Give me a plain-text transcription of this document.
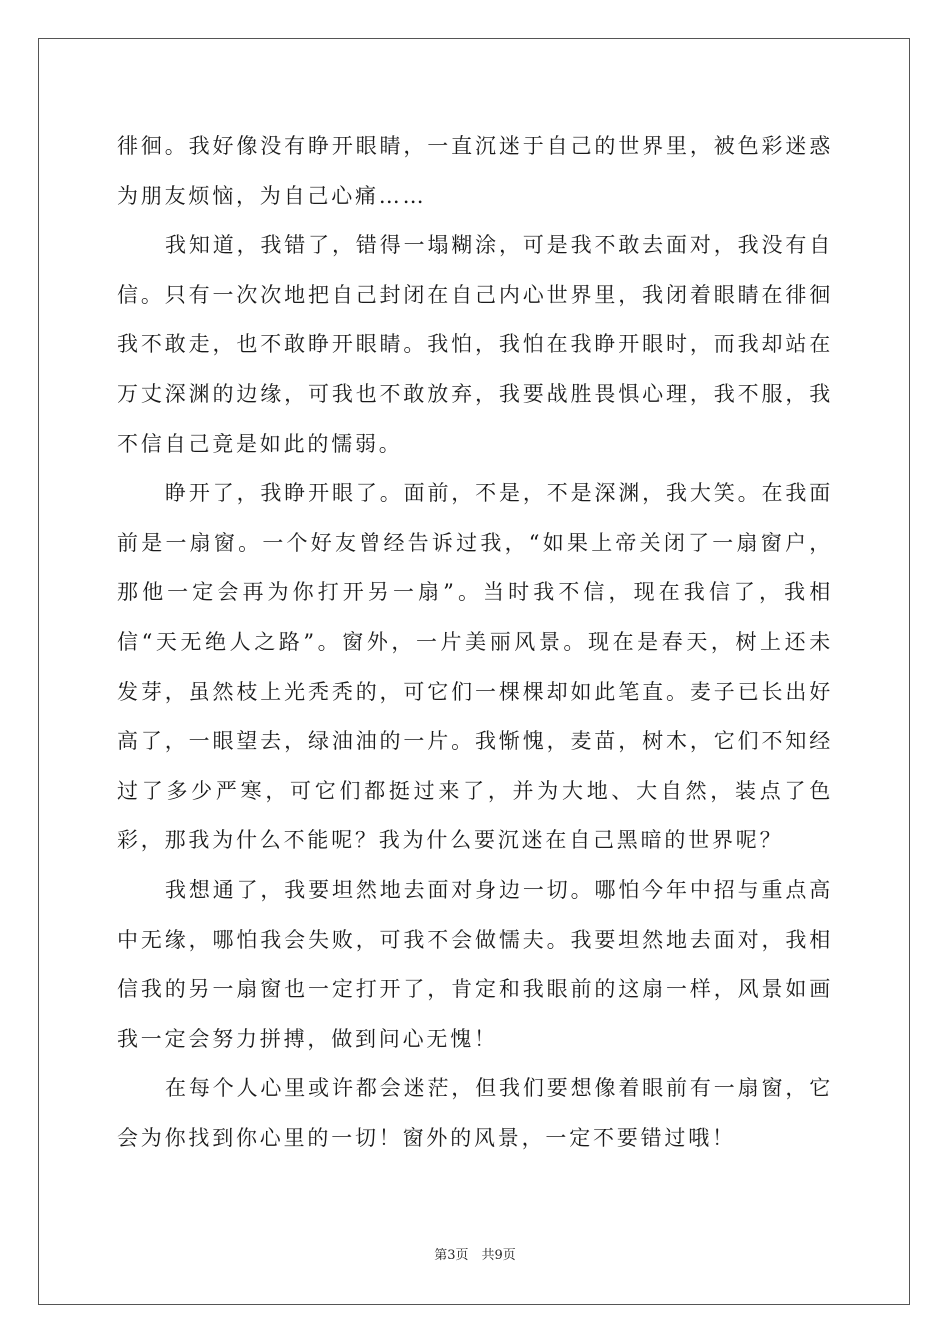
徘徊。我好像没有睁开眼睛，一直沉迷于自己的世界里，被色彩迷惑为朋友烦恼，为自己心痛……

我知道，我错了，错得一塌糊涂，可是我不敢去面对，我没有自信。只有一次次地把自己封闭在自己内心世界里，我闭着眼睛在徘徊我不敢走，也不敢睁开眼睛。我怕，我怕在我睁开眼时，而我却站在万丈深渊的边缘，可我也不敢放弃，我要战胜畏惧心理，我不服，我不信自己竟是如此的懦弱。

睁开了，我睁开眼了。面前，不是，不是深渊，我大笑。在我面前是一扇窗。一个好友曾经告诉过我，“如果上帝关闭了一扇窗户，那他一定会再为你打开另一扇”。当时我不信，现在我信了，我相信“天无绝人之路”。窗外，一片美丽风景。现在是春天，树上还未发芽，虽然枝上光秃秃的，可它们一棵棵却如此笔直。麦子已长出好高了，一眼望去，绿油油的一片。我惭愧，麦苗，树木，它们不知经过了多少严寒，可它们都挺过来了，并为大地、大自然，装点了色彩，那我为什么不能呢？我为什么要沉迷在自己黑暗的世界呢？

我想通了，我要坦然地去面对身边一切。哪怕今年中招与重点高中无缘，哪怕我会失败，可我不会做懦夫。我要坦然地去面对，我相信我的另一扇窗也一定打开了，肯定和我眼前的这扇一样，风景如画我一定会努力拼搏，做到问心无愧！

在每个人心里或许都会迷茫，但我们要想像着眼前有一扇窗，它会为你找到你心里的一切！窗外的风景，一定不要错过哦！

第3页　共9页
